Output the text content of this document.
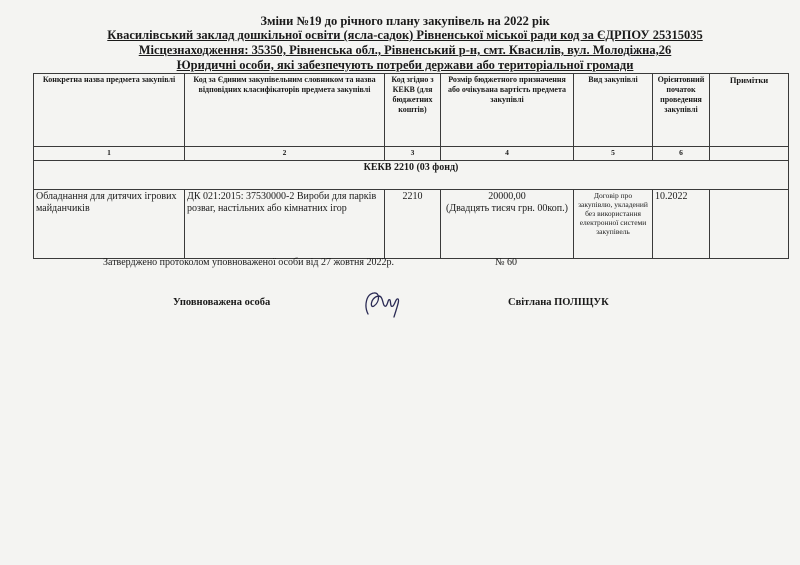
Зміни №19 до річного плану закупівель на 2022 рік
Квасилівський заклад дошкільної освіти (ясла-садок) Рівненської міської ради код за ЄДРПОУ 25315035
Місцезнаходження: 35350, Рівненська обл., Рівненський р-н, смт. Квасилів, вул. Молодіжна,26
Юридичні особи, які забезпечують потреби держави або територіальної громади
Конкретна назва предмета закупівлі	Код за Єдиним закупівельним словником та назва відповідних класифікаторів предмета закупівлі	Код згідно з КЕКВ (для бюджетних коштів)	Розмір бюджетного призначення або очікувана вартість предмета закупівлі	Вид закупівлі	Орієнтовний початок проведення закупівлі	Примітки
1	2	3	4	5	6	
КЕКВ 2210 (03 фонд)						
Обладнання для дитячих ігрових майданчиків	ДК 021:2015: 37530000-2 Вироби для парків розваг, настільних або кімнатних ігор	2210	20000,00
(Двадцять тисяч грн. 00коп.)	Договір про закупівлю, укладений без використання електронної системи закупівель	10.2022	
Затверджено протоколом уповноваженої особи від 27 жовтня 2022р.	№ 60
Уповноважена особа	Світлана ПОЛІЩУК
